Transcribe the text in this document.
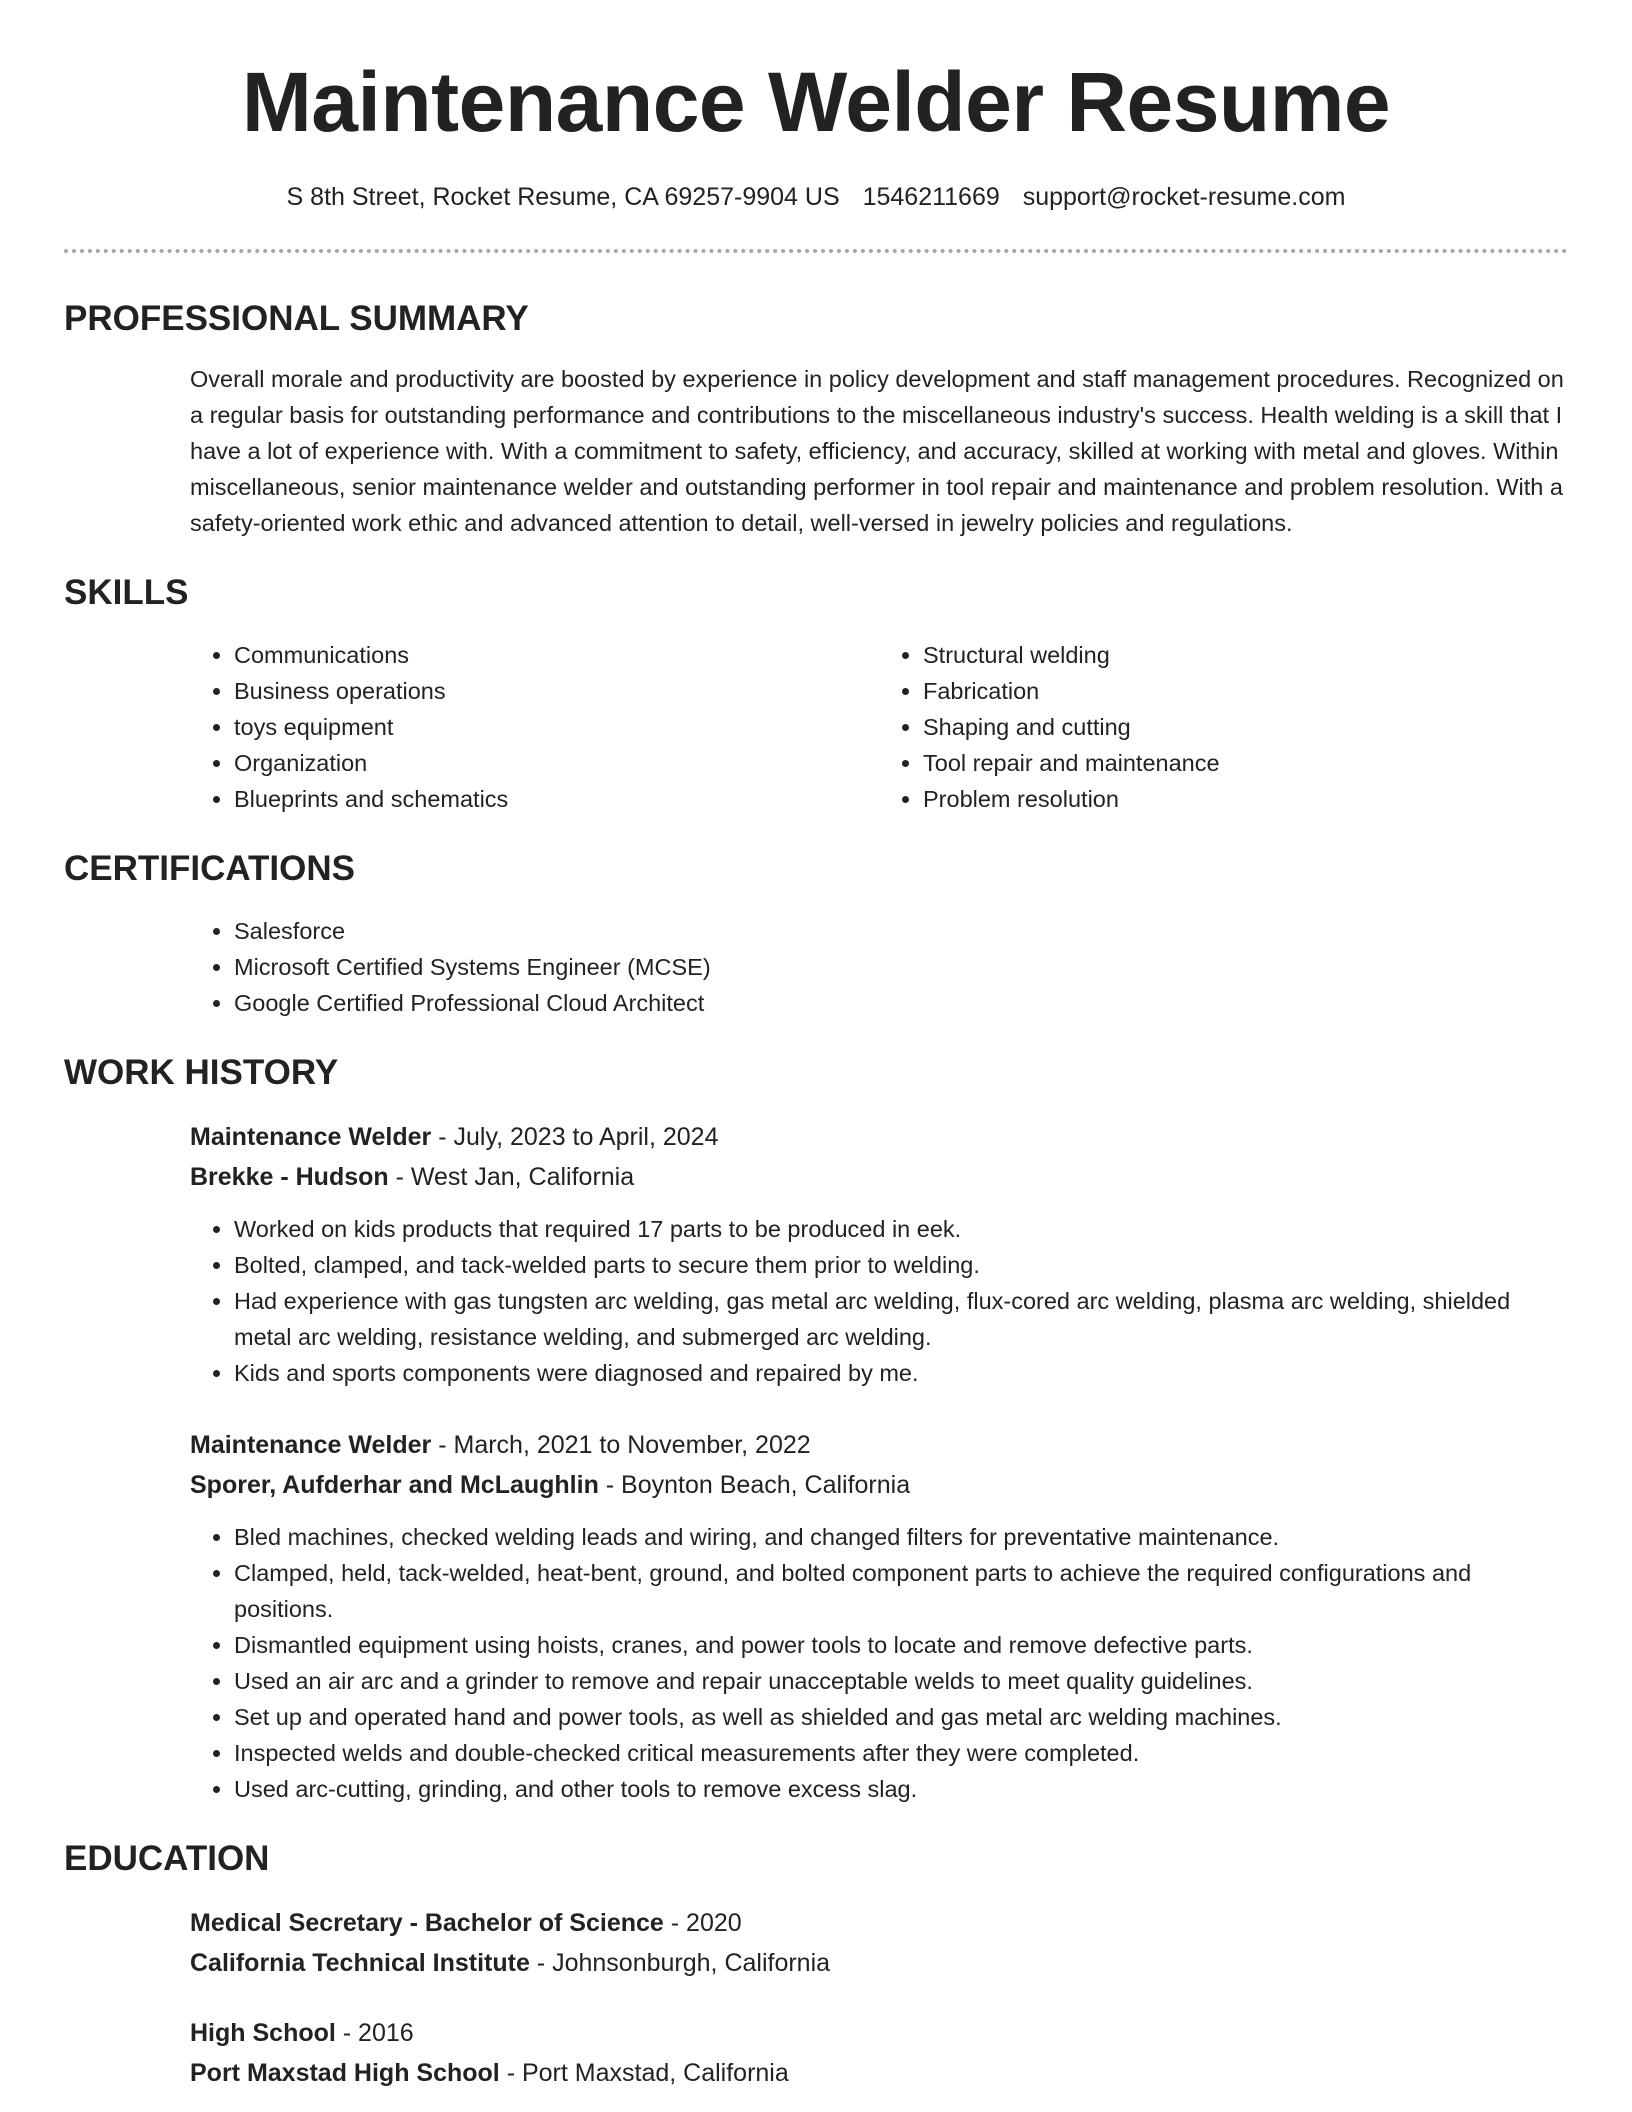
Maintenance Welder Resume
S 8th Street, Rocket Resume, CA 69257-9904 US 1546211669 support@rocket-resume.com
PROFESSIONAL SUMMARY
Overall morale and productivity are boosted by experience in policy development and staff management procedures. Recognized on a regular basis for outstanding performance and contributions to the miscellaneous industry's success. Health welding is a skill that I have a lot of experience with. With a commitment to safety, efficiency, and accuracy, skilled at working with metal and gloves. Within miscellaneous, senior maintenance welder and outstanding performer in tool repair and maintenance and problem resolution. With a safety-oriented work ethic and advanced attention to detail, well-versed in jewelry policies and regulations.
SKILLS
• Communications
• Business operations
• toys equipment
• Organization
• Blueprints and schematics
• Structural welding
• Fabrication
• Shaping and cutting
• Tool repair and maintenance
• Problem resolution
CERTIFICATIONS
• Salesforce
• Microsoft Certified Systems Engineer (MCSE)
• Google Certified Professional Cloud Architect
WORK HISTORY
Maintenance Welder - July, 2023 to April, 2024
Brekke - Hudson - West Jan, California
• Worked on kids products that required 17 parts to be produced in eek.
• Bolted, clamped, and tack-welded parts to secure them prior to welding.
• Had experience with gas tungsten arc welding, gas metal arc welding, flux-cored arc welding, plasma arc welding, shielded metal arc welding, resistance welding, and submerged arc welding.
• Kids and sports components were diagnosed and repaired by me.
Maintenance Welder - March, 2021 to November, 2022
Sporer, Aufderhar and McLaughlin - Boynton Beach, California
• Bled machines, checked welding leads and wiring, and changed filters for preventative maintenance.
• Clamped, held, tack-welded, heat-bent, ground, and bolted component parts to achieve the required configurations and positions.
• Dismantled equipment using hoists, cranes, and power tools to locate and remove defective parts.
• Used an air arc and a grinder to remove and repair unacceptable welds to meet quality guidelines.
• Set up and operated hand and power tools, as well as shielded and gas metal arc welding machines.
• Inspected welds and double-checked critical measurements after they were completed.
• Used arc-cutting, grinding, and other tools to remove excess slag.
EDUCATION
Medical Secretary - Bachelor of Science - 2020
California Technical Institute - Johnsonburgh, California
High School - 2016
Port Maxstad High School - Port Maxstad, California
